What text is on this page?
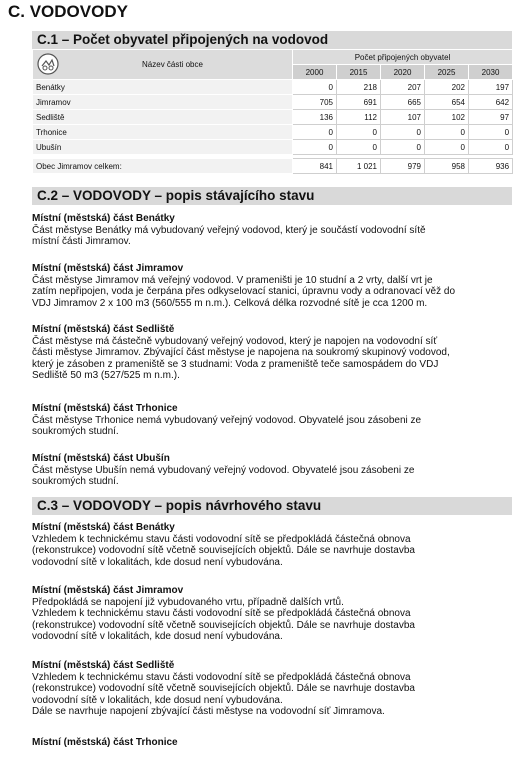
C. VODOVODY
C.1 – Počet obyvatel připojených na vodovod
Název části obce	Počet připojených obyvatel				
	2000	2015	2020	2025	2030
Benátky	0	218	207	202	197
Jimramov	705	691	665	654	642
Sedliště	136	112	107	102	97
Trhonice	0	0	0	0	0
Ubušín	0	0	0	0	0

Obec Jimramov celkem:	841	1 021	979	958	936
C.2 – VODOVODY – popis stávajícího stavu
Místní (městská) část Benátky
Část městyse Benátky má vybudovaný veřejný vodovod, který je součástí vodovodní sítě
místní části Jimramov.
Místní (městská) část Jimramov
Část městyse Jimramov má veřejný vodovod. V prameništi je 10 studní a 2 vrty, další vrt je
zatím nepřipojen, voda je čerpána přes odkyselovací stanici, úpravnu vody a odranovací věž do
VDJ Jimramov 2 x 100 m3 (560/555 m n.m.). Celková délka rozvodné sítě je cca 1200 m.
Místní (městská) část Sedliště
Část městyse má částečně vybudovaný veřejný vodovod, který je napojen na vodovodní síť
části městyse Jimramov. Zbývající část městyse je napojena na soukromý skupinový vodovod,
který je zásoben z prameniště se 3 studnami: Voda z prameniště teče samospádem do VDJ
Sedliště 50 m3 (527/525 m n.m.).
Místní (městská) část Trhonice
Část městyse Trhonice nemá vybudovaný veřejný vodovod. Obyvatelé jsou zásobeni ze
soukromých studní.
Místní (městská) část Ubušín
Část městyse Ubušín nemá vybudovaný veřejný vodovod. Obyvatelé jsou zásobeni ze
soukromých studní.
C.3 – VODOVODY – popis návrhového stavu
Místní (městská) část Benátky
Vzhledem k technickému stavu části vodovodní sítě se předpokládá částečná obnova
(rekonstrukce) vodovodní sítě včetně souvisejících objektů. Dále se navrhuje dostavba
vodovodní sítě v lokalitách, kde dosud není vybudována.
Místní (městská) část Jimramov
Předpokládá se napojení již vybudovaného vrtu, případně dalších vrtů.
Vzhledem k technickému stavu části vodovodní sítě se předpokládá částečná obnova
(rekonstrukce) vodovodní sítě včetně souvisejících objektů. Dále se navrhuje dostavba
vodovodní sítě v lokalitách, kde dosud není vybudována.
Místní (městská) část Sedliště
Vzhledem k technickému stavu části vodovodní sítě se předpokládá částečná obnova
(rekonstrukce) vodovodní sítě včetně souvisejících objektů. Dále se navrhuje dostavba
vodovodní sítě v lokalitách, kde dosud není vybudována.
Dále se navrhuje napojení zbývající části městyse na vodovodní síť Jimramova.
Místní (městská) část Trhonice
